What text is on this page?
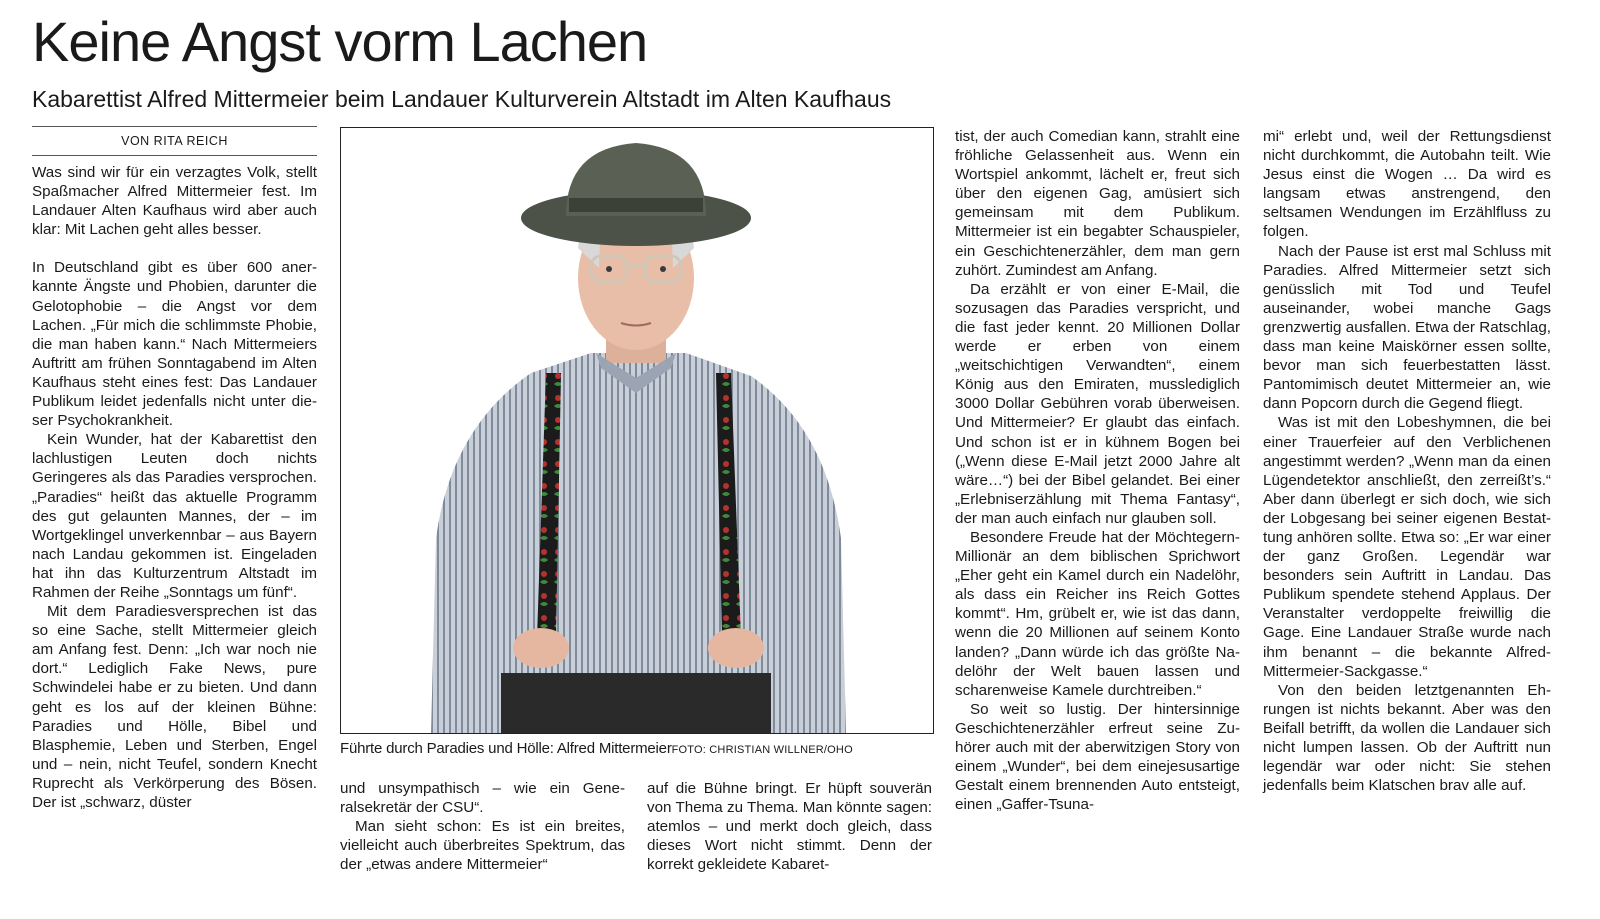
Keine Angst vorm Lachen
Kabarettist Alfred Mittermeier beim Landauer Kulturverein Altstadt im Alten Kaufhaus
VON RITA REICH

Was sind wir für ein verzagtes Volk, stellt Spaßmacher Alfred Mittermeier fest. Im Landauer Alten Kaufhaus wird aber auch klar: Mit Lachen geht alles besser.

In Deutschland gibt es über 600 anerkannte Ängste und Phobien, darunter die Gelotophobie – die Angst vor dem Lachen. „Für mich die schlimmste Phobie, die man haben kann.“ Nach Mittermeiers Auftritt am frühen Sonntagabend im Alten Kaufhaus steht eines fest: Das Landauer Publikum leidet jedenfalls nicht unter dieser Psychokrankheit.

Kein Wunder, hat der Kabarettist den lachlustigen Leuten doch nichts Geringeres als das Paradies versprochen. „Paradies“ heißt das aktuelle Programm des gut gelaunten Mannes, der – im Wortgeklingel unverkennbar – aus Bayern nach Landau gekommen ist. Eingeladen hat ihn das Kulturzentrum Altstadt im Rahmen der Reihe „Sonntags um fünf“.

Mit dem Paradiesversprechen ist das so eine Sache, stellt Mittermeier gleich am Anfang fest. Denn: „Ich war noch nie dort.“ Lediglich Fake News, pure Schwindelei habe er zu bieten. Und dann geht es los auf der kleinen Bühne: Paradies und Hölle, Bibel und Blasphemie, Leben und Sterben, Engel und – nein, nicht Teufel, sondern Knecht Ruprecht als Verkörperung des Bösen. Der ist „schwarz, düster

Führte durch Paradies und Hölle: Alfred MittermeierFOTO: CHRISTIAN WILLNER/OHO

und unsympathisch – wie ein Generalsekretär der CSU“.

Man sieht schon: Es ist ein breites, vielleicht auch überbreites Spektrum, das der „etwas andere Mittermeier“

auf die Bühne bringt. Er hüpft souverän von Thema zu Thema. Man könnte sagen: atemlos – und merkt doch gleich, dass dieses Wort nicht stimmt. Denn der korrekt gekleidete Kabaret-

tist, der auch Comedian kann, strahlt eine fröhliche Gelassenheit aus. Wenn ein Wortspiel ankommt, lächelt er, freut sich über den eigenen Gag, amüsiert sich gemeinsam mit dem Publikum. Mittermeier ist ein begabter Schauspieler, ein Geschichtenerzähler, dem man gern zuhört. Zumindest am Anfang.

Da erzählt er von einer E-Mail, die sozusagen das Paradies verspricht, und die fast jeder kennt. 20 Millionen Dollar werde er erben von einem „weitschichtigen Verwandten“, einem König aus den Emiraten, musslediglich 3000 Dollar Gebühren vorab überweisen. Und Mittermeier? Er glaubt das einfach. Und schon ist er in kühnem Bogen bei („Wenn diese E-Mail jetzt 2000 Jahre alt wäre…“) bei der Bibel gelandet. Bei einer „Erlebniserzählung mit Thema Fantasy“, der man auch einfach nur glauben soll.

Besondere Freude hat der Möchtegern-Millionär an dem biblischen Sprichwort „Eher geht ein Kamel durch ein Nadelöhr, als dass ein Reicher ins Reich Gottes kommt“. Hm, grübelt er, wie ist das dann, wenn die 20 Millionen auf seinem Konto landen? „Dann würde ich das größte Nadelöhr der Welt bauen lassen und scharenweise Kamele durchtreiben.“

So weit so lustig. Der hintersinnige Geschichtenerzähler erfreut seine Zuhörer auch mit der aberwitzigen Story von einem „Wunder“, bei dem einejesusartige Gestalt einem brennenden Auto entsteigt, einen „Gaffer-Tsuna-

mi“ erlebt und, weil der Rettungsdienst nicht durchkommt, die Autobahn teilt. Wie Jesus einst die Wogen … Da wird es langsam etwas anstrengend, den seltsamen Wendungen im Erzählfluss zu folgen.

Nach der Pause ist erst mal Schluss mit Paradies. Alfred Mittermeier setzt sich genüsslich mit Tod und Teufel auseinander, wobei manche Gags grenzwertig ausfallen. Etwa der Ratschlag, dass man keine Maiskörner essen sollte, bevor man sich feuerbestatten lässt. Pantomimisch deutet Mittermeier an, wie dann Popcorn durch die Gegend fliegt.

Was ist mit den Lobeshymnen, die bei einer Trauerfeier auf den Verblichenen angestimmt werden? „Wenn man da einen Lügendetektor anschließt, den zerreißt’s.“ Aber dann überlegt er sich doch, wie sich der Lobgesang bei seiner eigenen Bestattung anhören sollte. Etwa so: „Er war einer der ganz Großen. Legendär war besonders sein Auftritt in Landau. Das Publikum spendete stehend Applaus. Der Veranstalter verdoppelte freiwillig die Gage. Eine Landauer Straße wurde nach ihm benannt – die bekannte Alfred-Mittermeier-Sackgasse.“

Von den beiden letztgenannten Ehrungen ist nichts bekannt. Aber was den Beifall betrifft, da wollen die Landauer sich nicht lumpen lassen. Ob der Auftritt nun legendär war oder nicht: Sie stehen jedenfalls beim Klatschen brav alle auf.
